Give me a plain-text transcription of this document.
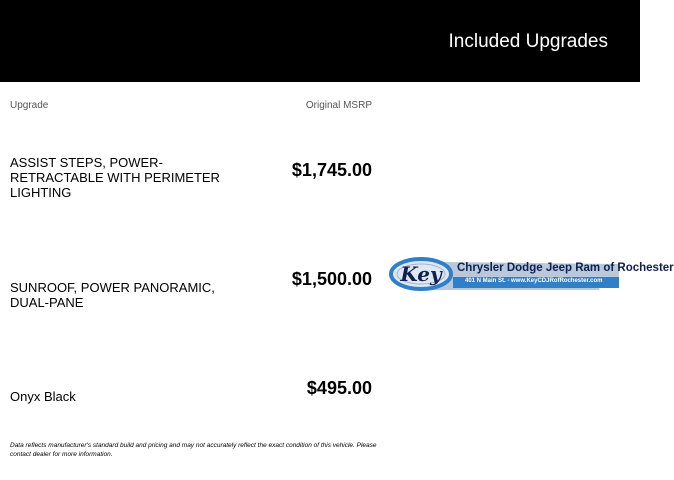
Included Upgrades
Upgrade	Original MSRP
ASSIST STEPS, POWER-RETRACTABLE WITH PERIMETER LIGHTING
$1,745.00
SUNROOF, POWER PANORAMIC, DUAL-PANE
$1,500.00
Onyx Black	$495.00
Data reflects manufacturer's standard build and pricing and may not accurately reflect the exact condition of this vehicle. Please contact dealer for more information.
Key Chrysler Dodge Jeep Ram of Rochester
401 N Main St. - www.KeyCDJRofRochester.com
